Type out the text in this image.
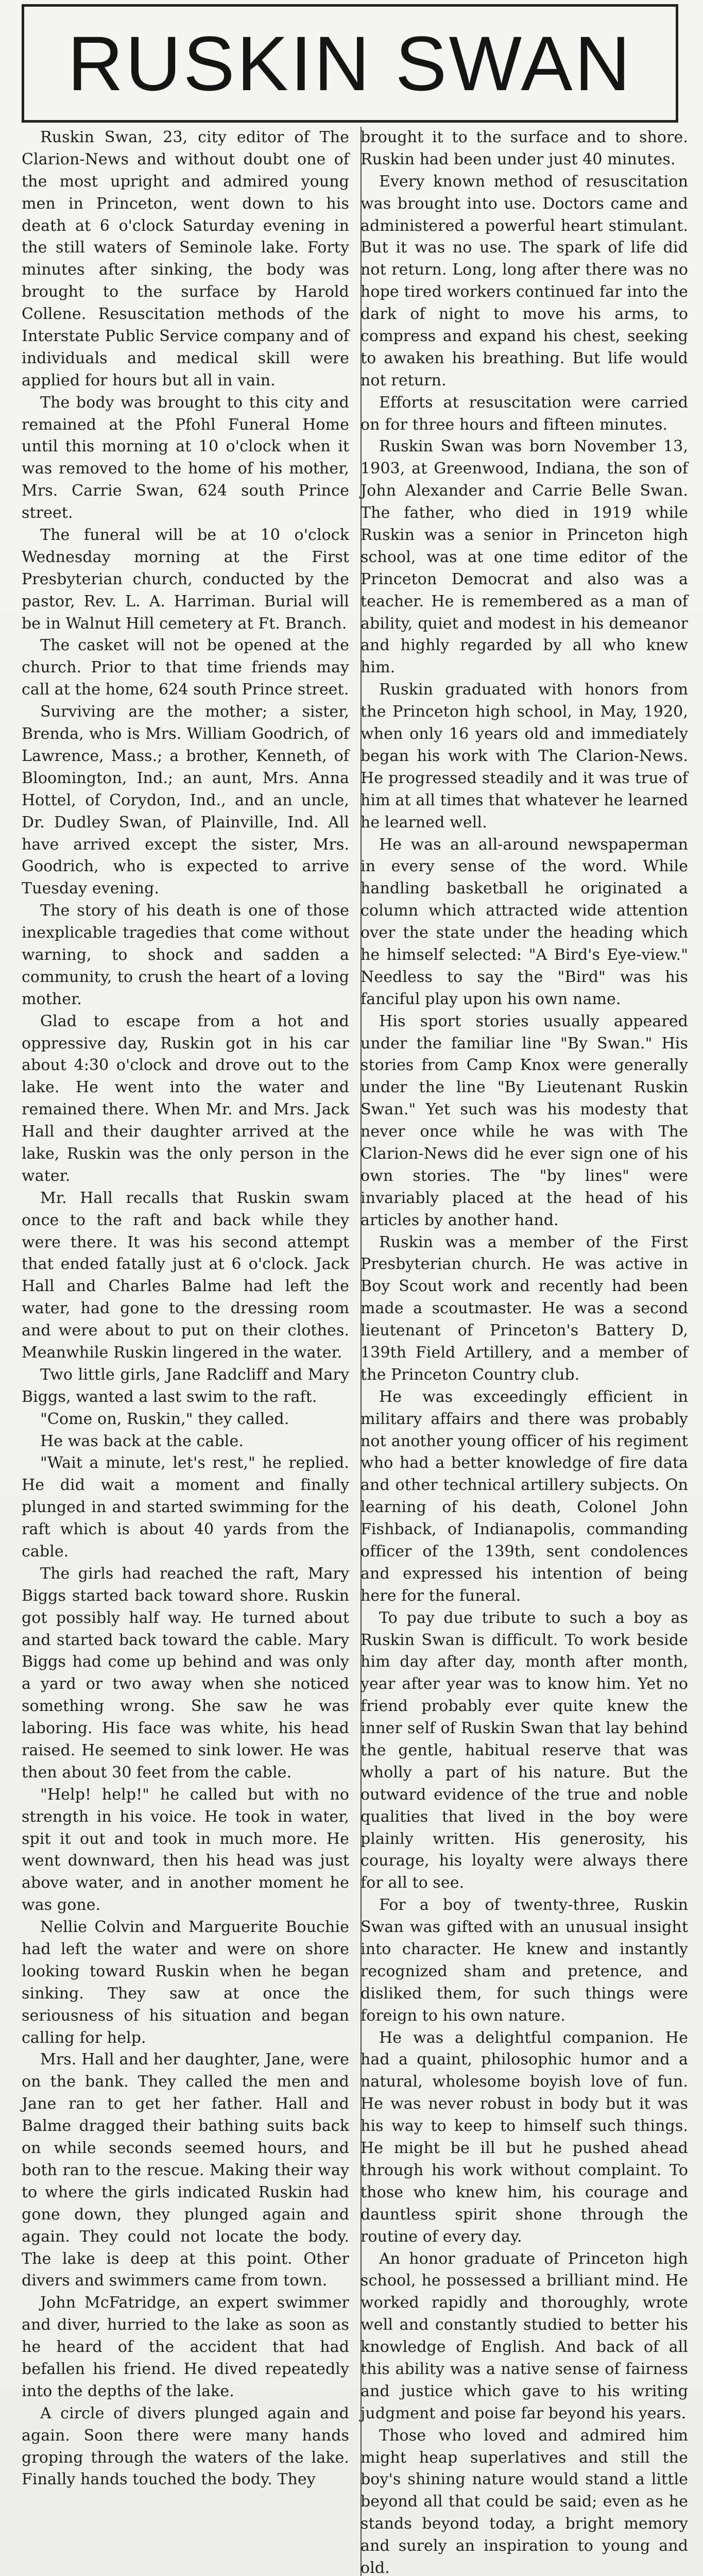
RUSKIN SWAN

Ruskin Swan, 23, city editor of The Clarion-News and without doubt one of the most upright and admired young men in Princeton, went down to his death at 6 o'clock Saturday evening in the still waters of Seminole lake. Forty minutes after sinking, the body was brought to the surface by Harold Collene. Resuscitation methods of the Interstate Public Service company and of individuals and medical skill were applied for hours but all in vain.

The body was brought to this city and remained at the Pfohl Funeral Home until this morning at 10 o'clock when it was removed to the home of his mother, Mrs. Carrie Swan, 624 south Prince street.

The funeral will be at 10 o'clock Wednesday morning at the First Presbyterian church, conducted by the pastor, Rev. L. A. Harriman. Burial will be in Walnut Hill cemetery at Ft. Branch.

The casket will not be opened at the church. Prior to that time friends may call at the home, 624 south Prince street.

Surviving are the mother; a sister, Brenda, who is Mrs. William Goodrich, of Lawrence, Mass.; a brother, Kenneth, of Bloomington, Ind.; an aunt, Mrs. Anna Hottel, of Corydon, Ind., and an uncle, Dr. Dudley Swan, of Plainville, Ind. All have arrived except the sister, Mrs. Goodrich, who is expected to arrive Tuesday evening.

The story of his death is one of those inexplicable tragedies that come without warning, to shock and sadden a community, to crush the heart of a loving mother.

Glad to escape from a hot and oppressive day, Ruskin got in his car about 4:30 o'clock and drove out to the lake. He went into the water and remained there. When Mr. and Mrs. Jack Hall and their daughter arrived at the lake, Ruskin was the only person in the water.

Mr. Hall recalls that Ruskin swam once to the raft and back while they were there. It was his second attempt that ended fatally just at 6 o'clock. Jack Hall and Charles Balme had left the water, had gone to the dressing room and were about to put on their clothes. Meanwhile Ruskin lingered in the water.

Two little girls, Jane Radcliff and Mary Biggs, wanted a last swim to the raft.

"Come on, Ruskin," they called.

He was back at the cable.

"Wait a minute, let's rest," he replied. He did wait a moment and finally plunged in and started swimming for the raft which is about 40 yards from the cable.

The girls had reached the raft, Mary Biggs started back toward shore. Ruskin got possibly half way. He turned about and started back toward the cable. Mary Biggs had come up behind and was only a yard or two away when she noticed something wrong. She saw he was laboring. His face was white, his head raised. He seemed to sink lower. He was then about 30 feet from the cable.

"Help! help!" he called but with no strength in his voice. He took in water, spit it out and took in much more. He went downward, then his head was just above water, and in another moment he was gone.

Nellie Colvin and Marguerite Bouchie had left the water and were on shore looking toward Ruskin when he began sinking. They saw at once the seriousness of his situation and began calling for help.

Mrs. Hall and her daughter, Jane, were on the bank. They called the men and Jane ran to get her father. Hall and Balme dragged their bathing suits back on while seconds seemed hours, and both ran to the rescue. Making their way to where the girls indicated Ruskin had gone down, they plunged again and again. They could not locate the body. The lake is deep at this point. Other divers and swimmers came from town.

John McFatridge, an expert swimmer and diver, hurried to the lake as soon as he heard of the accident that had befallen his friend. He dived repeatedly into the depths of the lake.

A circle of divers plunged again and again. Soon there were many hands groping through the waters of the lake. Finally hands touched the body. They

brought it to the surface and to shore. Ruskin had been under just 40 minutes.

Every known method of resuscitation was brought into use. Doctors came and administered a powerful heart stimulant. But it was no use. The spark of life did not return. Long, long after there was no hope tired workers continued far into the dark of night to move his arms, to compress and expand his chest, seeking to awaken his breathing. But life would not return.

Efforts at resuscitation were carried on for three hours and fifteen minutes.

Ruskin Swan was born November 13, 1903, at Greenwood, Indiana, the son of John Alexander and Carrie Belle Swan. The father, who died in 1919 while Ruskin was a senior in Princeton high school, was at one time editor of the Princeton Democrat and also was a teacher. He is remembered as a man of ability, quiet and modest in his demeanor and highly regarded by all who knew him.

Ruskin graduated with honors from the Princeton high school, in May, 1920, when only 16 years old and immediately began his work with The Clarion-News. He progressed steadily and it was true of him at all times that whatever he learned he learned well.

He was an all-around newspaperman in every sense of the word. While handling basketball he originated a column which attracted wide attention over the state under the heading which he himself selected: "A Bird's Eye-view." Needless to say the "Bird" was his fanciful play upon his own name.

His sport stories usually appeared under the familiar line "By Swan." His stories from Camp Knox were generally under the line "By Lieutenant Ruskin Swan." Yet such was his modesty that never once while he was with The Clarion-News did he ever sign one of his own stories. The "by lines" were invariably placed at the head of his articles by another hand.

Ruskin was a member of the First Presbyterian church. He was active in Boy Scout work and recently had been made a scoutmaster. He was a second lieutenant of Princeton's Battery D, 139th Field Artillery, and a member of the Princeton Country club.

He was exceedingly efficient in military affairs and there was probably not another young officer of his regiment who had a better knowledge of fire data and other technical artillery subjects. On learning of his death, Colonel John Fishback, of Indianapolis, commanding officer of the 139th, sent condolences and expressed his intention of being here for the funeral.

To pay due tribute to such a boy as Ruskin Swan is difficult. To work beside him day after day, month after month, year after year was to know him. Yet no friend probably ever quite knew the inner self of Ruskin Swan that lay behind the gentle, habitual reserve that was wholly a part of his nature. But the outward evidence of the true and noble qualities that lived in the boy were plainly written. His generosity, his courage, his loyalty were always there for all to see.

For a boy of twenty-three, Ruskin Swan was gifted with an unusual insight into character. He knew and instantly recognized sham and pretence, and disliked them, for such things were foreign to his own nature.

He was a delightful companion. He had a quaint, philosophic humor and a natural, wholesome boyish love of fun. He was never robust in body but it was his way to keep to himself such things. He might be ill but he pushed ahead through his work without complaint. To those who knew him, his courage and dauntless spirit shone through the routine of every day.

An honor graduate of Princeton high school, he possessed a brilliant mind. He worked rapidly and thoroughly, wrote well and constantly studied to better his knowledge of English. And back of all this ability was a native sense of fairness and justice which gave to his writing judgment and poise far beyond his years.

Those who loved and admired him might heap superlatives and still the boy's shining nature would stand a little beyond all that could be said; even as he stands beyond today, a bright memory and surely an inspiration to young and old.
